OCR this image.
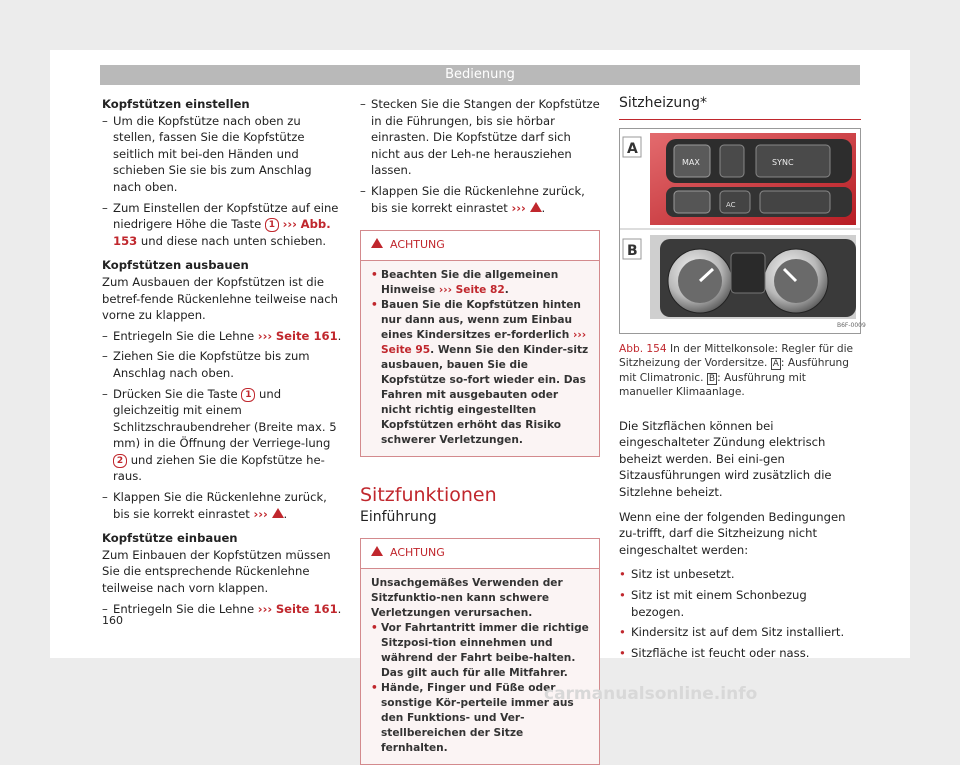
Bedienung

Kopfstützen einstellen

– Um die Kopfstütze nach oben zu stellen, fassen Sie die Kopfstütze seitlich mit bei-den Händen und schieben Sie sie bis zum Anschlag nach oben.
– Zum Einstellen der Kopfstütze auf eine niedrigere Höhe die Taste 1 ››› Abb. 153 und diese nach unten schieben.

Kopfstützen ausbauen

Zum Ausbauen der Kopfstützen ist die betref-fende Rückenlehne teilweise nach vorne zu klappen.

– Entriegeln Sie die Lehne ››› Seite 161.
– Ziehen Sie die Kopfstütze bis zum Anschlag nach oben.
– Drücken Sie die Taste 1 und gleichzeitig mit einem Schlitzschraubendreher (Breite max. 5 mm) in die Öffnung der Verriege-lung 2 und ziehen Sie die Kopfstütze he-raus.
– Klappen Sie die Rückenlehne zurück, bis sie korrekt einrastet ››› .

Kopfstütze einbauen

Zum Einbauen der Kopfstützen müssen Sie die entsprechende Rückenlehne teilweise nach vorn klappen.

– Entriegeln Sie die Lehne ››› Seite 161.
– Stecken Sie die Stangen der Kopfstütze in die Führungen, bis sie hörbar einrasten. Die Kopfstütze darf sich nicht aus der Leh-ne herausziehen lassen.
– Klappen Sie die Rückenlehne zurück, bis sie korrekt einrastet ››› .
ACHTUNG
• Beachten Sie die allgemeinen Hinweise ››› Seite 82.
• Bauen Sie die Kopfstützen hinten nur dann aus, wenn zum Einbau eines Kindersitzes er-forderlich ››› Seite 95. Wenn Sie den Kinder-sitz ausbauen, bauen Sie die Kopfstütze so-fort wieder ein. Das Fahren mit ausgebauten oder nicht richtig eingestellten Kopfstützen erhöht das Risiko schwerer Verletzungen.
Sitzfunktionen
Einführung
ACHTUNG
Unsachgemäßes Verwenden der Sitzfunktio-nen kann schwere Verletzungen verursachen.
• Vor Fahrtantritt immer die richtige Sitzposi-tion einnehmen und während der Fahrt beibe-halten. Das gilt auch für alle Mitfahrer.
• Hände, Finger und Füße oder sonstige Kör-perteile immer aus den Funktions- und Ver-stellbereichen der Sitze fernhalten.
Sitzheizung*
MAX	SYNC
AC
B6F-0009
A
B
Abb. 154 In der Mittelkonsole: Regler für die Sitzheizung der Vordersitze. A : Ausführung mit Climatronic. B : Ausführung mit manueller Klimaanlage.

Die Sitzflächen können bei eingeschalteter Zündung elektrisch beheizt werden. Bei eini-gen Sitzausführungen wird zusätzlich die Sitzlehne beheizt.

Wenn eine der folgenden Bedingungen zu-trifft, darf die Sitzheizung nicht eingeschaltet werden:

• Sitz ist unbesetzt.
• Sitz ist mit einem Schonbezug bezogen.
• Kindersitz ist auf dem Sitz installiert.
• Sitzfläche ist feucht oder nass.
160
carmanualsonline.info
